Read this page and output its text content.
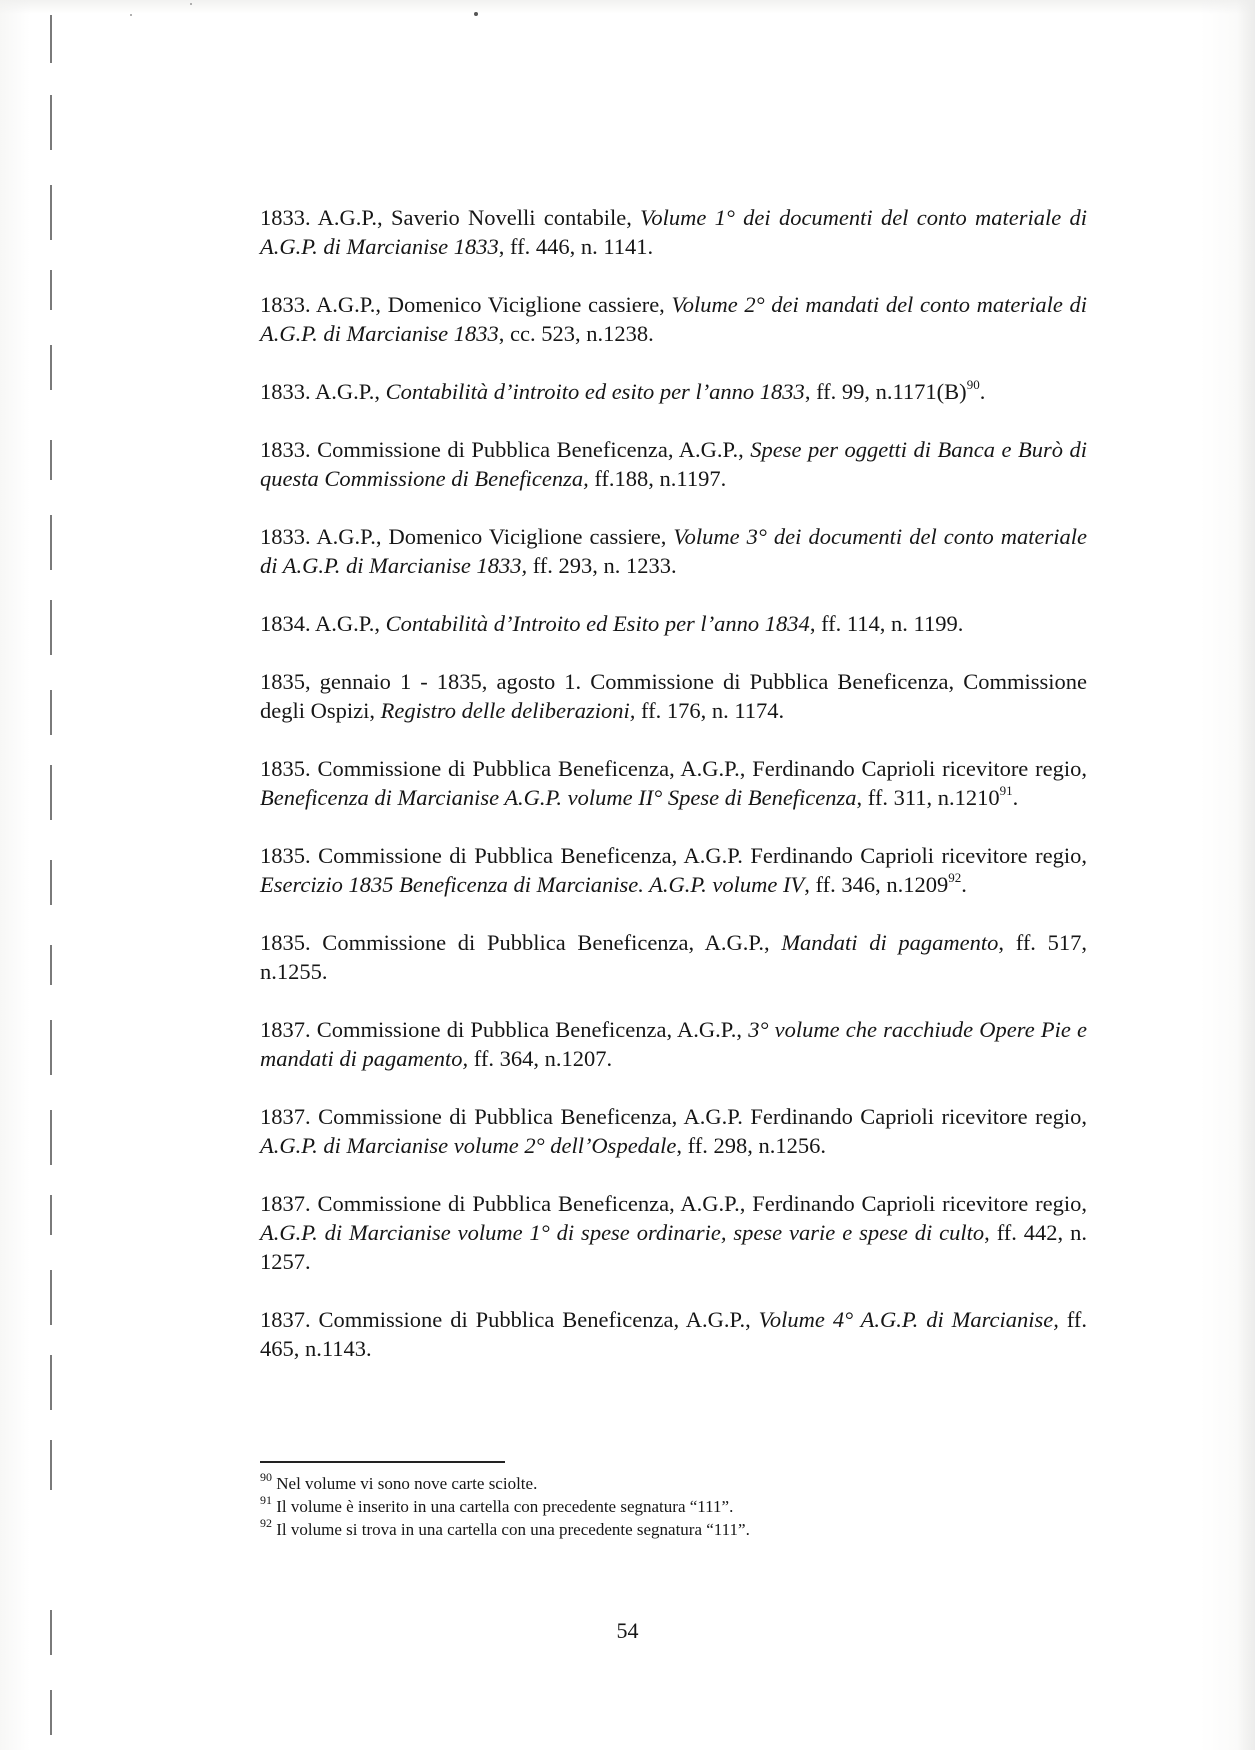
1833. A.G.P., Saverio Novelli contabile, Volume 1° dei documenti del conto materiale di A.G.P. di Marcianise 1833, ff. 446, n. 1141.

1833. A.G.P., Domenico Viciglione cassiere, Volume 2° dei mandati del conto materiale di A.G.P. di Marcianise 1833, cc. 523, n.1238.

1833. A.G.P., Contabilità d’introito ed esito per l’anno 1833, ff. 99, $n.1171(B)^{90}$.

1833. Commissione di Pubblica Beneficenza, A.G.P., Spese per oggetti di Banca e Burò di questa Commissione di Beneficenza, ff.188, n.1197.

1833. A.G.P., Domenico Viciglione cassiere, Volume 3° dei documenti del conto materiale di A.G.P. di Marcianise 1833, ff. 293, n. 1233.

1834. A.G.P., Contabilità d’Introito ed Esito per l’anno 1834, ff. 114, n. 1199.

1835, gennaio 1 - 1835, agosto 1. Commissione di Pubblica Beneficenza, Commissione degli Ospizi, Registro delle deliberazioni, ff. 176, n. 1174.

1835. Commissione di Pubblica Beneficenza, A.G.P., Ferdinando Caprioli ricevitore regio, Beneficenza di Marcianise A.G.P. volume II° Spese di Beneficenza, ff. 311, n.1210$^{91}$.

1835. Commissione di Pubblica Beneficenza, A.G.P. Ferdinando Caprioli ricevitore regio, Esercizio 1835 Beneficenza di Marcianise. A.G.P. volume IV, ff. 346, n.1209$^{92}$.

1835. Commissione di Pubblica Beneficenza, A.G.P., Mandati di pagamento, ff. 517, n.1255.

1837. Commissione di Pubblica Beneficenza, A.G.P., 3° volume che racchiude Opere Pie e mandati di pagamento, ff. 364, n.1207.

1837. Commissione di Pubblica Beneficenza, A.G.P. Ferdinando Caprioli ricevitore regio, A.G.P. di Marcianise volume 2° dell’Ospedale, ff. 298, n.1256.

1837. Commissione di Pubblica Beneficenza, A.G.P., Ferdinando Caprioli ricevitore regio, A.G.P. di Marcianise volume 1° di spese ordinarie, spese varie e spese di culto, ff. 442, n. 1257.

1837. Commissione di Pubblica Beneficenza, A.G.P., Volume 4° A.G.P. di Marcianise, ff. 465, n.1143.

$^{90}$ Nel volume vi sono nove carte sciolte.
$^{91}$ Il volume è inserito in una cartella con precedente segnatura “111”.
$^{92}$ Il volume si trova in una cartella con una precedente segnatura “111”.
54
